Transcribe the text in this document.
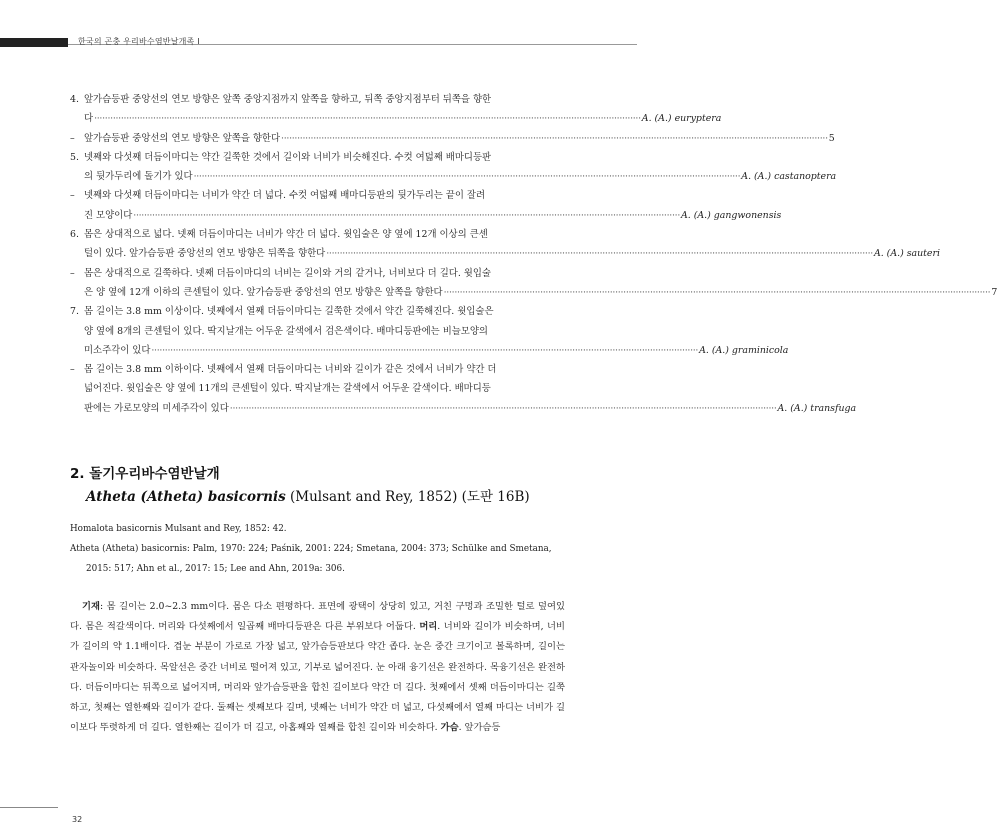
한국의 곤충 우리바수염반날개족 I
4. 앞가슴등판 중앙선의 연모 방향은 앞쪽 중앙지점까지 앞쪽을 향하고, 뒤쪽 중앙지점부터 뒤쪽을 향한
다 ·····	A. (A.) euryptera
– 앞가슴등판 중앙선의 연모 방향은 앞쪽을 향한다 ·····	5
5. 넷째와 다섯째 더듬이마디는 약간 길쭉한 것에서 길이와 너비가 비슷해진다. 수컷 여덟째 배마디등판
의 뒷가두리에 돌기가 있다 ·····	A. (A.) castanoptera
– 넷째와 다섯째 더듬이마디는 너비가 약간 더 넓다. 수컷 여덟째 배마디등판의 뒷가두리는 끝이 잘려
진 모양이다 ·····	A. (A.) gangwonensis
6. 몸은 상대적으로 넓다. 넷째 더듬이마디는 너비가 약간 더 넓다. 윗입술은 양 옆에 12개 이상의 큰센
털이 있다. 앞가슴등판 중앙선의 연모 방향은 뒤쪽을 향한다 ·····	A. (A.) sauteri
– 몸은 상대적으로 길쭉하다. 넷째 더듬이마디의 너비는 길이와 거의 같거나, 너비보다 더 길다. 윗입술
은 양 옆에 12개 이하의 큰센털이 있다. 앞가슴등판 중앙선의 연모 방향은 앞쪽을 향한다 ·····	7
7. 몸 길이는 3.8 mm 이상이다. 넷째에서 열째 더듬이마디는 길쭉한 것에서 약간 길쭉해진다. 윗입술은
양 옆에 8개의 큰센털이 있다. 딱지날개는 어두운 갈색에서 검은색이다. 배마디등판에는 비늘모양의
미소주각이 있다 ·····	A. (A.) graminicola
– 몸 길이는 3.8 mm 이하이다. 넷째에서 열째 더듬이마디는 너비와 길이가 같은 것에서 너비가 약간 더
넓어진다. 윗입술은 양 옆에 11개의 큰센털이 있다. 딱지날개는 갈색에서 어두운 갈색이다. 배마디등
판에는 가로모양의 미세주각이 있다 ·····	A. (A.) transfuga
2. 돌기우리바수염반날개
Atheta (Atheta) basicornis (Mulsant and Rey, 1852) (도판 16B)

Homalota basicornis Mulsant and Rey, 1852: 42.

Atheta (Atheta) basicornis: Palm, 1970: 224; Paśnik, 2001: 224; Smetana, 2004: 373; Schülke and Smetana, 2015: 517; Ahn et al., 2017: 15; Lee and Ahn, 2019a: 306.

기재: 몸 길이는 2.0~2.3 mm이다. 몸은 다소 편평하다. 표면에 광택이 상당히 있고, 거친 구멍과 조밀한 털로 덮여있다. 몸은 적갈색이다. 머리와 다섯째에서 일곱째 배마디등판은 다른 부위보다 어둡다. 머리. 너비와 길이가 비슷하며, 너비가 길이의 약 1.1배이다. 겹눈 부분이 가로로 가장 넓고, 앞가슴등판보다 약간 좁다. 눈은 중간 크기이고 볼록하며, 길이는 관자놀이와 비슷하다. 목알선은 중간 너비로 떨어져 있고, 기부로 넓어진다. 눈 아래 융기선은 완전하다. 목융기선은 완전하다. 더듬이마디는 뒤쪽으로 넓어지며, 머리와 앞가슴등판을 합친 길이보다 약간 더 길다. 첫째에서 셋째 더듬이마디는 길쭉하고, 첫째는 열한째와 길이가 같다. 둘째는 셋째보다 길며, 넷째는 너비가 약간 더 넓고, 다섯째에서 열째 마디는 너비가 길이보다 뚜렷하게 더 길다. 열한째는 길이가 더 길고, 아홉째와 열째를 합친 길이와 비슷하다. 가슴. 앞가슴등

32
